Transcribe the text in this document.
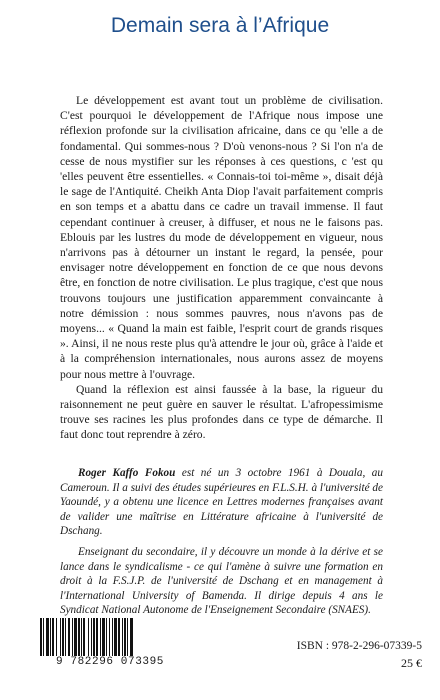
Demain sera à l’Afrique

Le développement est avant tout un problème de civilisation. C'est pourquoi le développement de l'Afrique nous impose une réflexion profonde sur la civilisation africaine, dans ce qu 'elle a de fondamental. Qui sommes-nous ? D'où venons-nous ? Si l'on n'a de cesse de nous mystifier sur les réponses à ces questions, c 'est qu 'elles peuvent être essentielles. « Connais-toi toi-même », disait déjà le sage de l'Antiquité. Cheikh Anta Diop l'avait parfaitement compris en son temps et a abattu dans ce cadre un travail immense. Il faut cependant continuer à creuser, à diffuser, et nous ne le faisons pas. Eblouis par les lustres du mode de développement en vigueur, nous n'arrivons pas à détourner un instant le regard, la pensée, pour envisager notre développement en fonction de ce que nous devons être, en fonction de notre civilisation. Le plus tragique, c'est que nous trouvons toujours une justification apparemment convaincante à notre démission : nous sommes pauvres, nous n'avons pas de moyens... « Quand la main est faible, l'esprit court de grands risques ». Ainsi, il ne nous reste plus qu'à attendre le jour où, grâce à l'aide et à la compréhension internationales, nous aurons assez de moyens pour nous mettre à l'ouvrage.

Quand la réflexion est ainsi faussée à la base, la rigueur du raisonnement ne peut guère en sauver le résultat. L'afropessimisme trouve ses racines les plus profondes dans ce type de démarche. Il faut donc tout reprendre à zéro.

Roger Kaffo Fokou est né un 3 octobre 1961 à Douala, au Cameroun. Il a suivi des études supérieures en F.L.S.H. à l'université de Yaoundé, y a obtenu une licence en Lettres modernes françaises avant de valider une maîtrise en Littérature africaine à l'université de Dschang.

Enseignant du secondaire, il y découvre un monde à la dérive et se lance dans le syndicalisme - ce qui l'amène à suivre une formation en droit à la F.S.J.P. de l'université de Dschang et en management à l'International University of Bamenda. Il dirige depuis 4 ans le Syndicat National Autonome de l'Enseignement Secondaire (SNAES).

9 782296 073395
ISBN : 978-2-296-07339-5
25 €
